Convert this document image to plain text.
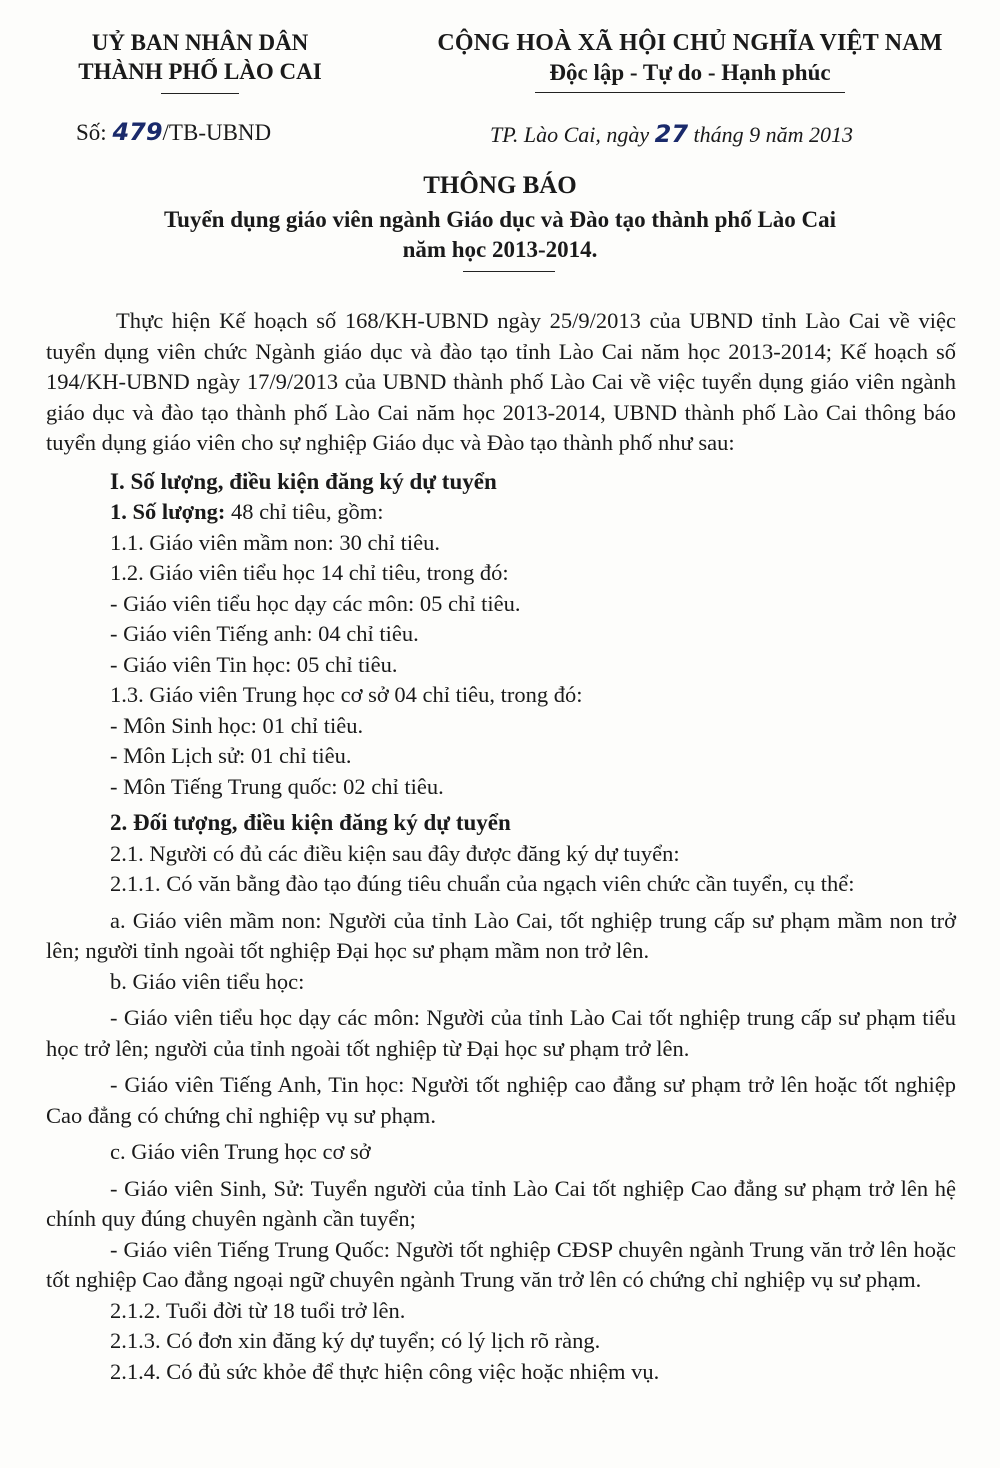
UỶ BAN NHÂN DÂN
THÀNH PHỐ LÀO CAI
CỘNG HOÀ XÃ HỘI CHỦ NGHĨA VIỆT NAM
Độc lập - Tự do - Hạnh phúc
Số: 479/TB-UBND	TP. Lào Cai, ngày 27 tháng 9 năm 2013
THÔNG BÁO
Tuyển dụng giáo viên ngành Giáo dục và Đào tạo thành phố Lào Cai
năm học 2013-2014.

Thực hiện Kế hoạch số 168/KH-UBND ngày 25/9/2013 của UBND tỉnh Lào Cai về việc tuyển dụng viên chức Ngành giáo dục và đào tạo tỉnh Lào Cai năm học 2013-2014; Kế hoạch số 194/KH-UBND ngày 17/9/2013 của UBND thành phố Lào Cai về việc tuyển dụng giáo viên ngành giáo dục và đào tạo thành phố Lào Cai năm học 2013-2014, UBND thành phố Lào Cai thông báo tuyển dụng giáo viên cho sự nghiệp Giáo dục và Đào tạo thành phố như sau:

I. Số lượng, điều kiện đăng ký dự tuyển

1. Số lượng: 48 chỉ tiêu, gồm:

1.1. Giáo viên mầm non: 30 chỉ tiêu.

1.2. Giáo viên tiểu học 14 chỉ tiêu, trong đó:

- Giáo viên tiểu học dạy các môn: 05 chỉ tiêu.

- Giáo viên Tiếng anh: 04 chỉ tiêu.

- Giáo viên Tin học: 05 chỉ tiêu.

1.3. Giáo viên Trung học cơ sở 04 chỉ tiêu, trong đó:

- Môn Sinh học: 01 chỉ tiêu.

- Môn Lịch sử: 01 chỉ tiêu.

- Môn Tiếng Trung quốc: 02 chỉ tiêu.

2. Đối tượng, điều kiện đăng ký dự tuyển

2.1. Người có đủ các điều kiện sau đây được đăng ký dự tuyển:

2.1.1. Có văn bằng đào tạo đúng tiêu chuẩn của ngạch viên chức cần tuyển, cụ thể:

a. Giáo viên mầm non: Người của tỉnh Lào Cai, tốt nghiệp trung cấp sư phạm mầm non trở lên; người tỉnh ngoài tốt nghiệp Đại học sư phạm mầm non trở lên.

b. Giáo viên tiểu học:

- Giáo viên tiểu học dạy các môn: Người của tỉnh Lào Cai tốt nghiệp trung cấp sư phạm tiểu học trở lên; người của tỉnh ngoài tốt nghiệp từ Đại học sư phạm trở lên.

- Giáo viên Tiếng Anh, Tin học: Người tốt nghiệp cao đẳng sư phạm trở lên hoặc tốt nghiệp Cao đẳng có chứng chỉ nghiệp vụ sư phạm.

c. Giáo viên Trung học cơ sở

- Giáo viên Sinh, Sử: Tuyển người của tỉnh Lào Cai tốt nghiệp Cao đẳng sư phạm trở lên hệ chính quy đúng chuyên ngành cần tuyển;

- Giáo viên Tiếng Trung Quốc: Người tốt nghiệp CĐSP chuyên ngành Trung văn trở lên hoặc tốt nghiệp Cao đẳng ngoại ngữ chuyên ngành Trung văn trở lên có chứng chỉ nghiệp vụ sư phạm.

2.1.2. Tuổi đời từ 18 tuổi trở lên.

2.1.3. Có đơn xin đăng ký dự tuyển; có lý lịch rõ ràng.

2.1.4. Có đủ sức khỏe để thực hiện công việc hoặc nhiệm vụ.
